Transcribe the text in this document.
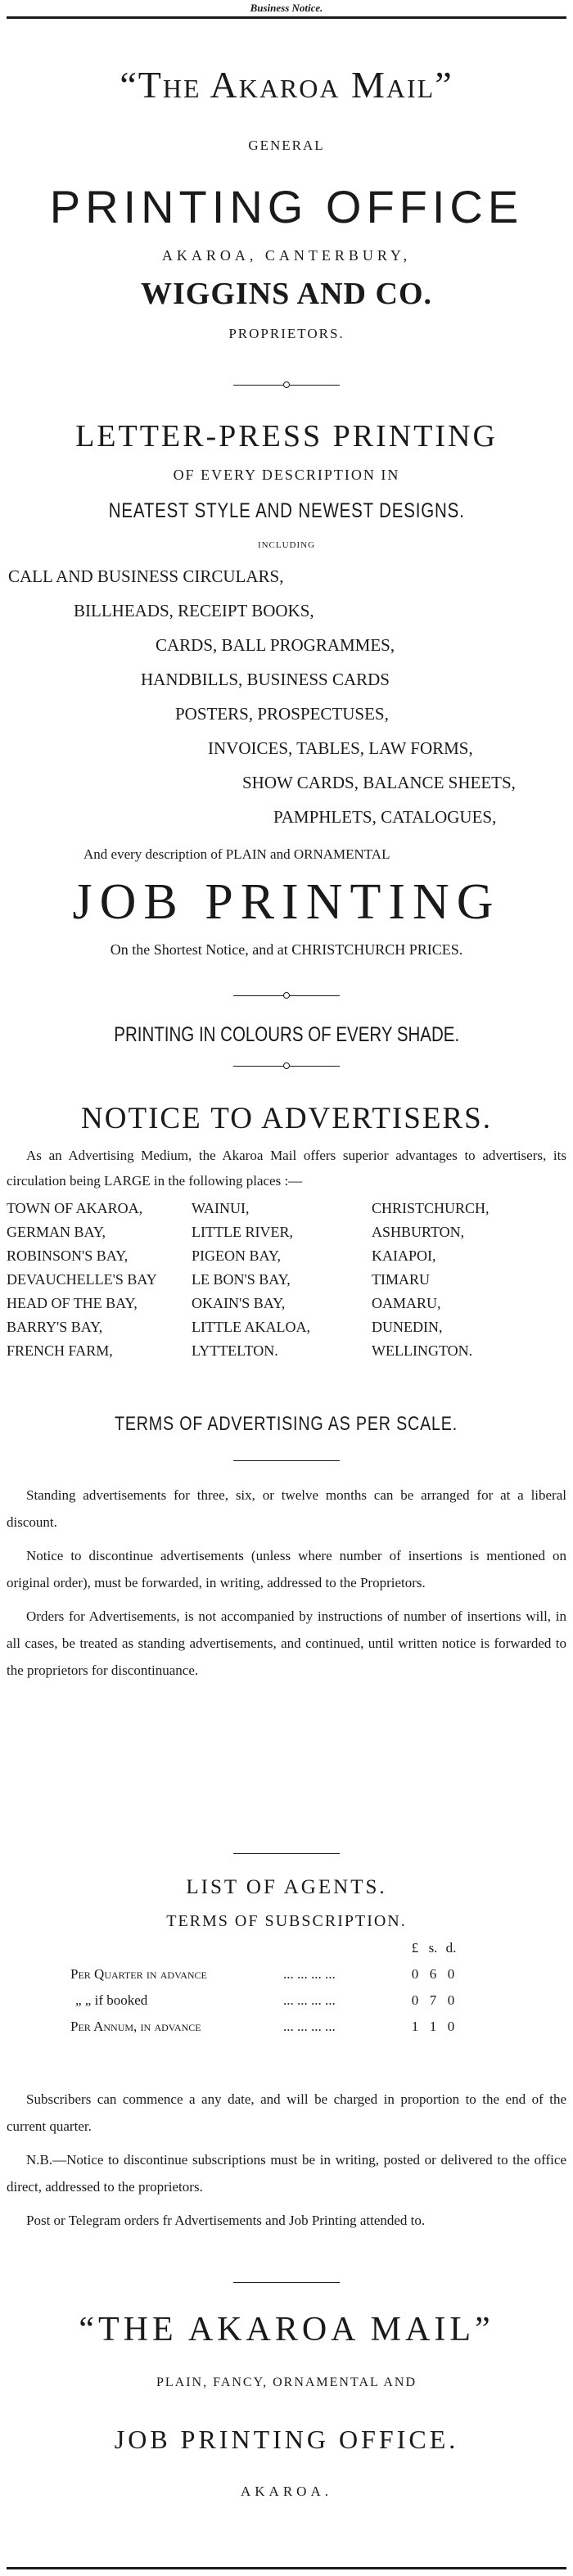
Business Notice.
“The Akaroa Mail”
GENERAL
PRINTING OFFICE
AKAROA, CANTERBURY,
WIGGINS AND CO.
PROPRIETORS.
LETTER-PRESS PRINTING
OF EVERY DESCRIPTION IN
NEATEST STYLE AND NEWEST DESIGNS.
INCLUDING
CALL AND BUSINESS CIRCULARS,
BILLHEADS, RECEIPT BOOKS,
CARDS, BALL PROGRAMMES,
HANDBILLS, BUSINESS CARDS
POSTERS, PROSPECTUSES,
INVOICES, TABLES, LAW FORMS,
SHOW CARDS, BALANCE SHEETS,
PAMPHLETS, CATALOGUES,
And every description of PLAIN and ORNAMENTAL
JOB PRINTING
On the Shortest Notice, and at CHRISTCHURCH PRICES.
PRINTING IN COLOURS OF EVERY SHADE.
NOTICE TO ADVERTISERS.

As an Advertising Medium, the Akaroa Mail offers superior advantages to advertisers, its circulation being LARGE in the following places :—

TOWN OF AKAROA,	WAINUI,	CHRISTCHURCH,
GERMAN BAY,	LITTLE RIVER,	ASHBURTON,
ROBINSON'S BAY,	PIGEON BAY,	KAIAPOI,
DEVAUCHELLE'S BAY	LE BON'S BAY,	TIMARU
HEAD OF THE BAY,	OKAIN'S BAY,	OAMARU,
BARRY'S BAY,	LITTLE AKALOA,	DUNEDIN,
FRENCH FARM,	LYTTELTON.	WELLINGTON.
TERMS OF ADVERTISING AS PER SCALE.

Standing advertisements for three, six, or twelve months can be arranged for at a liberal discount.

Notice to discontinue advertisements (unless where number of insertions is mentioned on original order), must be forwarded, in writing, addressed to the Proprietors.

Orders for Advertisements, is not accompanied by instructions of number of insertions will, in all cases, be treated as standing advertisements, and continued, until written notice is forwarded to the proprietors for discontinuance.

LIST OF AGENTS.
TERMS OF SUBSCRIPTION.
		£	s.	d.
Per Quarter in advance	... ... ... ...	0	6	0
„ „ if booked	... ... ... ...	0	7	0
Per Annum, in advance	... ... ... ...	1	1	0

Subscribers can commence a any date, and will be charged in proportion to the end of the current quarter.

N.B.—Notice to discontinue subscriptions must be in writing, posted or delivered to the office direct, addressed to the proprietors.

Post or Telegram orders fr Advertisements and Job Printing attended to.

“THE AKAROA MAIL”
PLAIN, FANCY, ORNAMENTAL AND
JOB PRINTING OFFICE.
AKAROA.
